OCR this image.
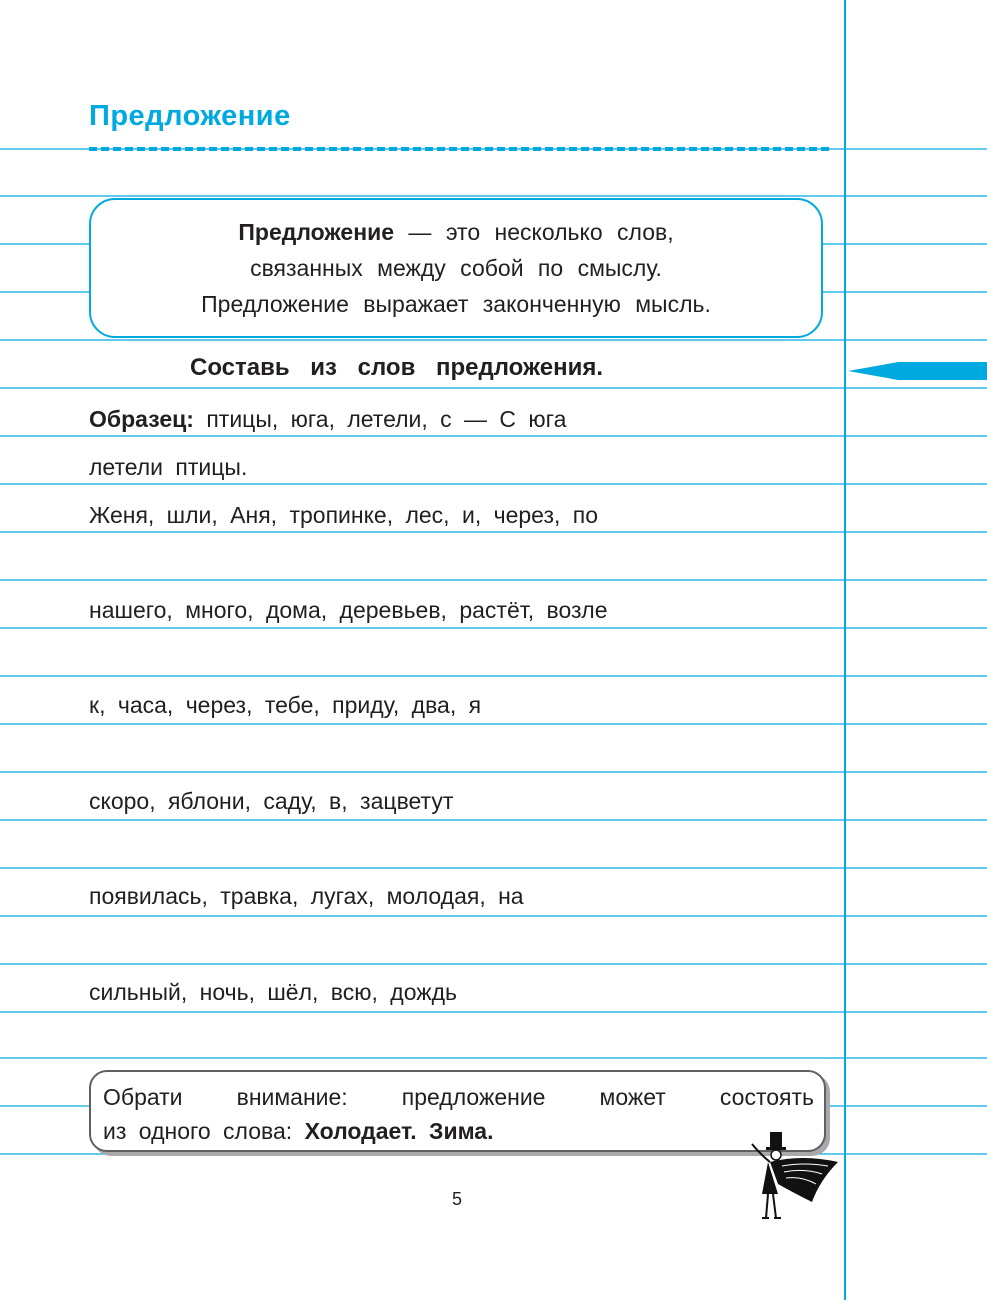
Предложение
Предложение — это несколько слов,
связанных между собой по смыслу.
Предложение выражает законченную мысль.

Составь из слов предложения.

Образец: птицы, юга, летели, с — С юга

летели птицы.

Женя, шли, Аня, тропинке, лес, и, через, по

нашего, много, дома, деревьев, растёт, возле

к, часа, через, тебе, приду, два, я

скоро, яблони, саду, в, зацветут

появилась, травка, лугах, молодая, на

сильный, ночь, шёл, всю, дождь

Обрати внимание: предложение может состоять
из одного слова: Холодает. Зима.
5
